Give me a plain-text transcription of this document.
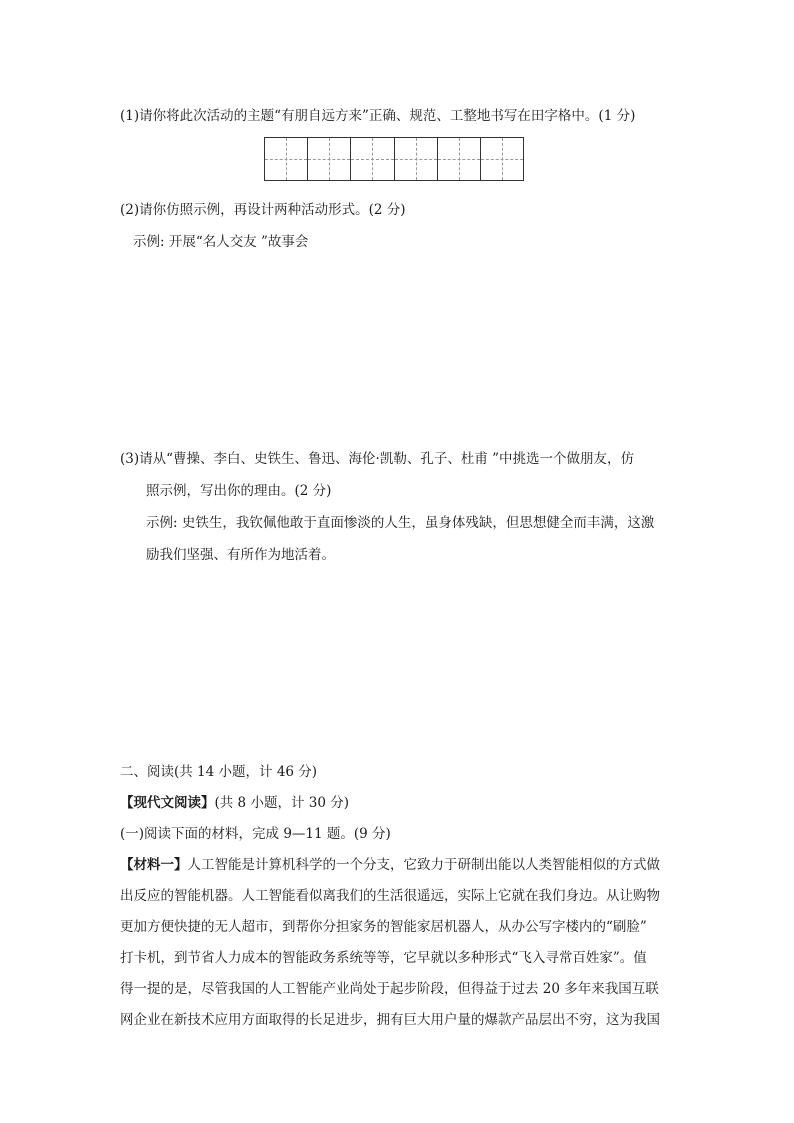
(1)请你将此次活动的主题“有朋自远方来”正确、规范、工整地书写在田字格中。(1 分)
(2)请你仿照示例，再设计两种活动形式。(2 分)
示例: 开展“名人交友 ”故事会
(3)请从“曹操、李白、史铁生、鲁迅、海伦·凯勒、孔子、杜甫 ”中挑选一个做朋友，仿
照示例，写出你的理由。(2 分)
示例: 史铁生，我钦佩他敢于直面惨淡的人生，虽身体残缺，但思想健全而丰满，这激
励我们坚强、有所作为地活着。
二、阅读(共 14 小题，计 46 分)
【现代文阅读】(共 8 小题，计 30 分)
(一)阅读下面的材料，完成 9—11 题。(9 分)
【材料一】人工智能是计算机科学的一个分支，它致力于研制出能以人类智能相似的方式做
出反应的智能机器。人工智能看似离我们的生活很遥远，实际上它就在我们身边。从让购物
更加方便快捷的无人超市，到帮你分担家务的智能家居机器人，从办公写字楼内的“刷脸”
打卡机，到节省人力成本的智能政务系统等等，它早就以多种形式“飞入寻常百姓家”。值
得一提的是，尽管我国的人工智能产业尚处于起步阶段，但得益于过去 20 多年来我国互联
网企业在新技术应用方面取得的长足进步，拥有巨大用户量的爆款产品层出不穷，这为我国
